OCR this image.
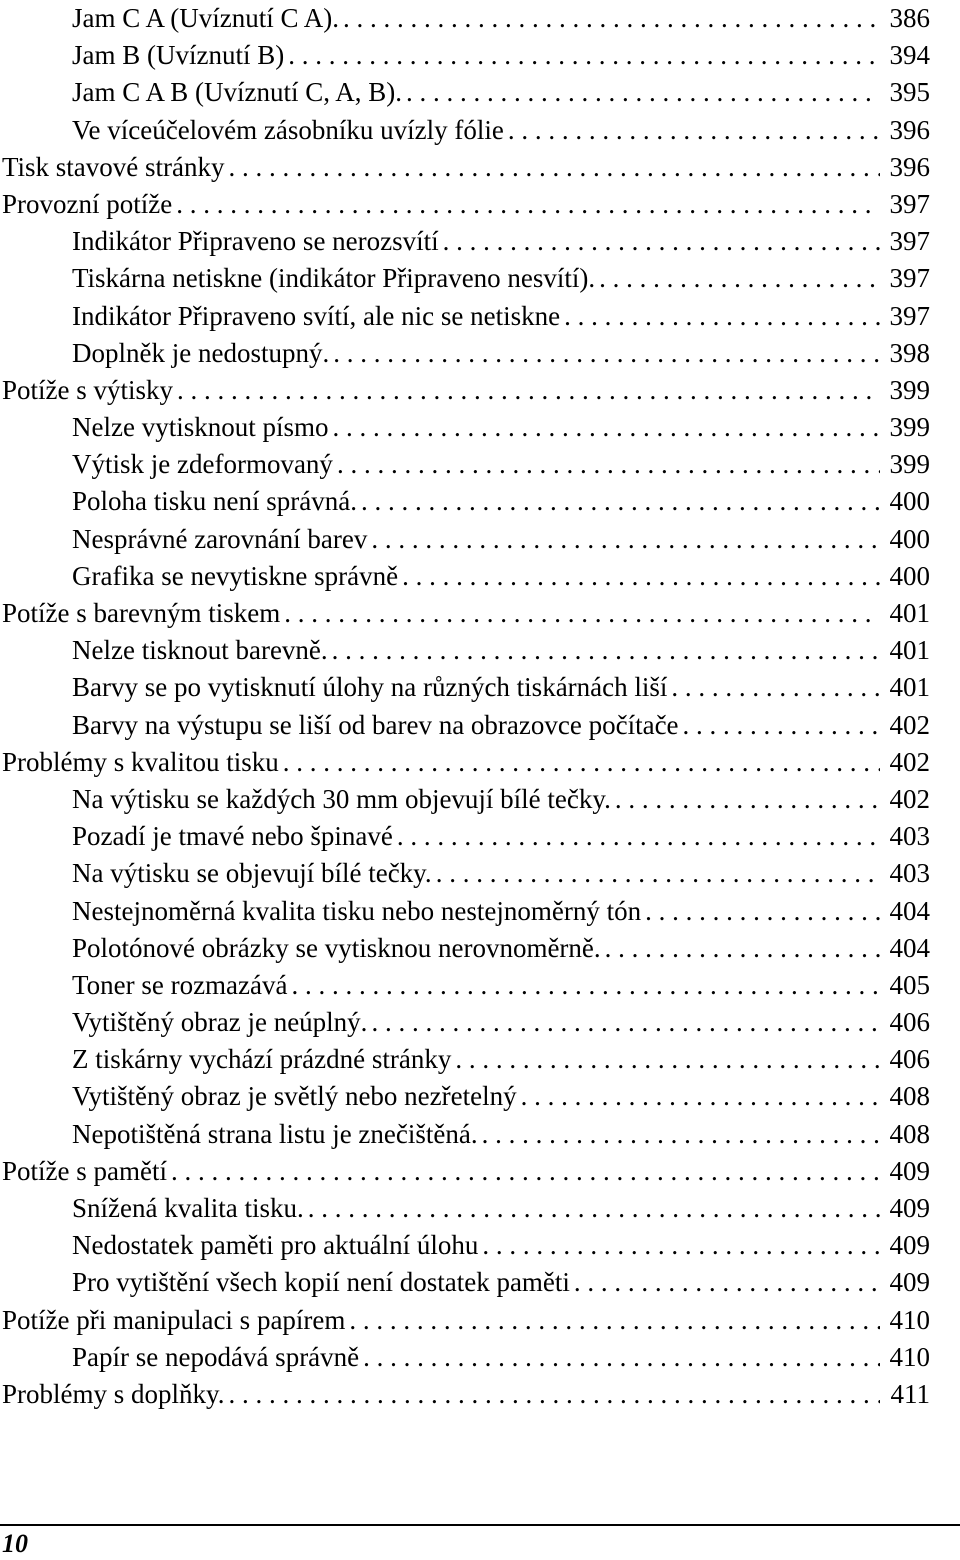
Jam C A (Uvíznutí C A). . . .	386
Jam B (Uvíznutí B) . . .	394
Jam C A B (Uvíznutí C, A, B). . . .	395
Ve víceúčelovém zásobníku uvízly fólie . . .	396
Tisk stavové stránky . . .	396
Provozní potíže . . .	397
Indikátor Připraveno se nerozsvítí . . .	397
Tiskárna netiskne (indikátor Připraveno nesvítí). . . .	397
Indikátor Připraveno svítí, ale nic se netiskne . . .	397
Doplněk je nedostupný. . . .	398
Potíže s výtisky . . .	399
Nelze vytisknout písmo . . .	399
Výtisk je zdeformovaný . . .	399
Poloha tisku není správná. . . .	400
Nesprávné zarovnání barev . . .	400
Grafika se nevytiskne správně . . .	400
Potíže s barevným tiskem . . .	401
Nelze tisknout barevně. . . .	401
Barvy se po vytisknutí úlohy na různých tiskárnách liší . . .	401
Barvy na výstupu se liší od barev na obrazovce počítače . . .	402
Problémy s kvalitou tisku . . .	402
Na výtisku se každých 30 mm objevují bílé tečky. . . .	402
Pozadí je tmavé nebo špinavé . . .	403
Na výtisku se objevují bílé tečky. . . .	403
Nestejnoměrná kvalita tisku nebo nestejnoměrný tón . . .	404
Polotónové obrázky se vytisknou nerovnoměrně. . . .	404
Toner se rozmazává . . .	405
Vytištěný obraz je neúplný. . . .	406
Z tiskárny vychází prázdné stránky . . .	406
Vytištěný obraz je světlý nebo nezřetelný . . .	408
Nepotištěná strana listu je znečištěná. . . .	408
Potíže s pamětí . . .	409
Snížená kvalita tisku. . . .	409
Nedostatek paměti pro aktuální úlohu . . .	409
Pro vytištění všech kopií není dostatek paměti . . .	409
Potíže při manipulaci s papírem . . .	410
Papír se nepodává správně . . .	410
Problémy s doplňky. . . .	411
10
